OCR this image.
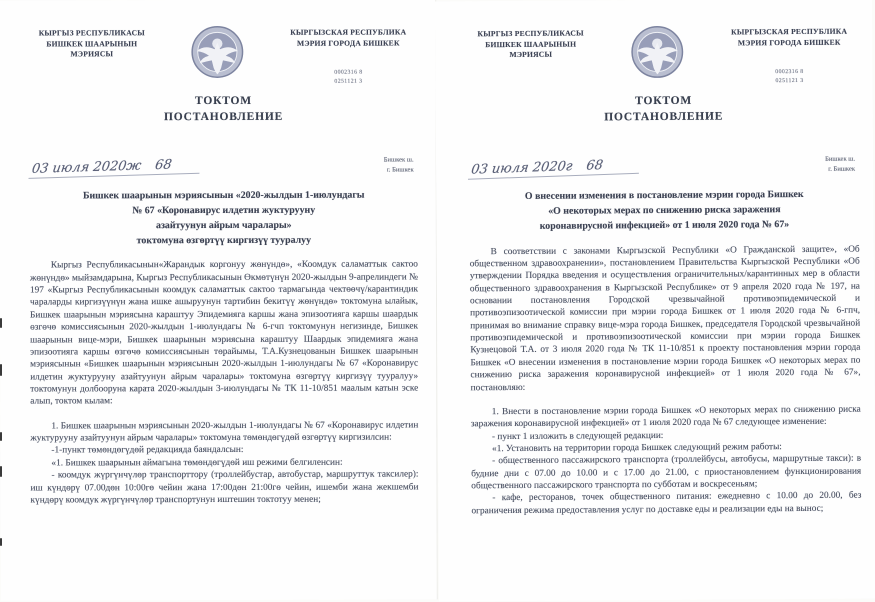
КЫРГЫЗ РЕСПУБЛИКАСЫ
БИШКЕК ШААРЫНЫН
МЭРИЯСЫ
КЫРГЫЗСКАЯ РЕСПУБЛИКА
МЭРИЯ ГОРОДА БИШКЕК
0002316 8
0251121 3
ТОКТОМ
ПОСТАНОВЛЕНИЕ
03 июля 2020ж 68	Бишкек ш.
г. Бишкек
Бишкек шаарынын мэриясынын «2020-жылдын 1-июлундагы
№ 67 «Коронавирус илдетин жуктурууну
азайтуунун айрым чаралары»
токтомуна өзгөртүү киргизүү тууралуу

Кыргыз Республикасынын«Жарандык коргонуу жөнүндө», «Коомдук саламаттык сактоо жөнүндө» мыйзамдарына, Кыргыз Республикасынын Өкмөтүнүн 2020-жылдын 9-апрелиндеги № 197 «Кыргыз Республикасынын коомдук саламаттык сактоо тармагында чектөөчү/карантиндик чараларды киргизүүнүн жана ишке ашыруунун тартибин бекитүү жөнүндө» токтомуна ылайык, Бишкек шаарынын мэриясына караштуу Эпидемияга каршы жана эпизоотияга каршы шаардык өзгөчө комиссиясынын 2020-жылдын 1-июлундагы № 6-гчп токтомунун негизинде, Бишкек шаарынын вице-мэри, Бишкек шаарынын мэриясына караштуу Шаардык эпидемияга жана эпизоотияга каршы өзгөчө комиссиясынын төрайымы, Т.А.Кузнецованын Бишкек шаарынын мэриясынын «Бишкек шаарынын мэриясынын 2020-жылдын 1-июлундагы № 67 «Коронавирус илдетин жуктурууну азайтуунун айрым чаралары» токтомуна өзгөртүү киргизүү тууралуу» токтомунун долбооруна карата 2020-жылдын 3-июлундагы № ТК 11-10/851 маалым катын эске алып, токтом кылам:

1. Бишкек шаарынын мэриясынын 2020-жылдын 1-июлундагы № 67 «Коронавирус илдетин жуктурууну азайтуунун айрым чаралары» токтомуна төмөндөгүдөй өзгөртүү киргизилсин:

-1-пункт төмөндөгүдөй редакцияда баяндалсын:

«1. Бишкек шаарынын аймагына төмөндөгүдөй иш режими белгиленсин:

- коомдук жүргүнчүлөр транспорттору (троллейбустар, автобустар, маршруттук таксилер): иш күндөрү 07.00дөн 10:00гө чейин жана 17:00дөн 21:00гө чейин, ишемби жана жекшемби күндөрү коомдук жүргүнчүлөр транспортунун иштешин токтотуу менен;

КЫРГЫЗ РЕСПУБЛИКАСЫ
БИШКЕК ШААРЫНЫН
МЭРИЯСЫ
КЫРГЫЗСКАЯ РЕСПУБЛИКА
МЭРИЯ ГОРОДА БИШКЕК
0002316 8
0251121 3
ТОКТОМ
ПОСТАНОВЛЕНИЕ
03 июля 2020г 68	Бишкек ш.
г. Бишкек
О внесении изменения в постановление мэрии города Бишкек
«О некоторых мерах по снижению риска заражения
коронавирусной инфекцией» от 1 июля 2020 года № 67»

В соответствии с законами Кыргызской Республики «О Гражданской защите», «Об общественном здравоохранении», постановлением Правительства Кыргызской Республики «Об утверждении Порядка введения и осуществления ограничительных/карантинных мер в области общественного здравоохранения в Кыргызской Республике» от 9 апреля 2020 года № 197, на основании постановления Городской чрезвычайной противоэпидемической и противоэпизоотической комиссии при мэрии города Бишкек от 1 июля 2020 года № 6-гпч, принимая во внимание справку вице-мэра города Бишкек, председателя Городской чрезвычайной противоэпидемической и противоэпизоотической комиссии при мэрии города Бишкек Кузнецовой Т.А. от 3 июля 2020 года № ТК 11-10/851 к проекту постановления мэрии города Бишкек «О внесении изменения в постановление мэрии города Бишкек «О некоторых мерах по снижению риска заражения коронавирусной инфекцией» от 1 июля 2020 года № 67», постановляю:

1. Внести в постановление мэрии города Бишкек «О некоторых мерах по снижению риска заражения коронавирусной инфекцией» от 1 июля 2020 года № 67 следующее изменение:

- пункт 1 изложить в следующей редакции:

«1. Установить на территории города Бишкек следующий режим работы:

- общественного пассажирского транспорта (троллейбусы, автобусы, маршрутные такси): в будние дни с 07.00 до 10.00 и с 17.00 до 21.00, с приостановлением функционирования общественного пассажирского транспорта по субботам и воскресеньям;

- кафе, ресторанов, точек общественного питания: ежедневно с 10.00 до 20.00, без ограничения режима предоставления услуг по доставке еды и реализации еды на вынос;
